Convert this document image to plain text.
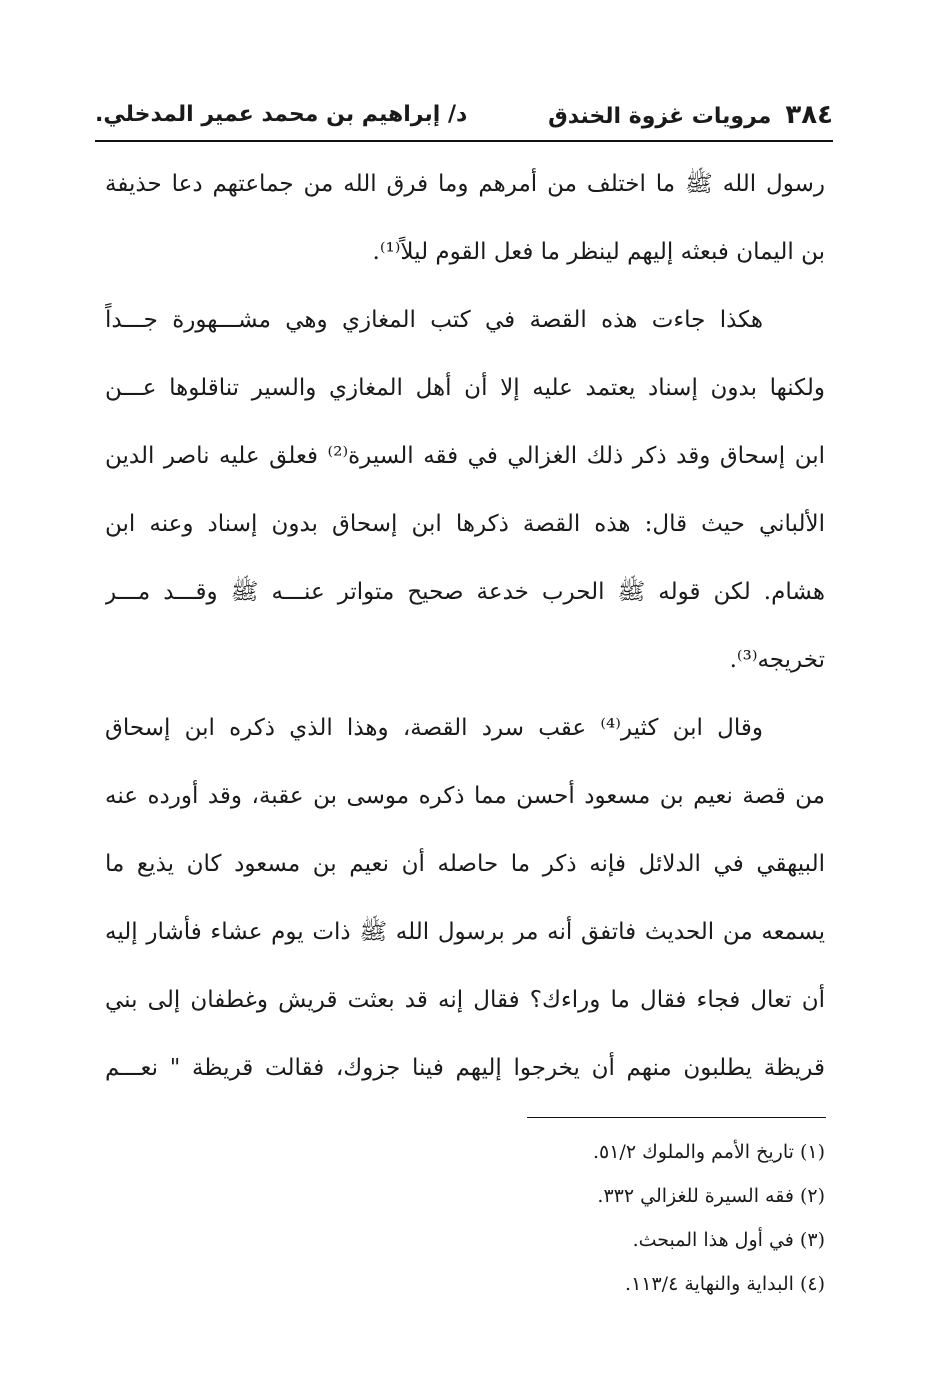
٣٨٤مرويات غزوة الخندق
د/ إبراهيم بن محمد عمير المدخلي.
رسول الله ﷺ ما اختلف من أمرهم وما فرق الله من جماعتهم دعا حذيفة
بن اليمان فبعثه إليهم لينظر ما فعل القوم ليلاً⁽¹⁾.
هكذا جاءت هذه القصة في كتب المغازي وهي مشـــهورة جـــداً
ولكنها بدون إسناد يعتمد عليه إلا أن أهل المغازي والسير تناقلوها عـــن
ابن إسحاق وقد ذكر ذلك الغزالي في فقه السيرة⁽²⁾ فعلق عليه ناصر الدين
الألباني حيث قال: هذه القصة ذكرها ابن إسحاق بدون إسناد وعنه ابن
هشام. لكن قوله ﷺ الحرب خدعة صحيح متواتر عنـــه ﷺ وقـــد مـــر
تخريجه⁽³⁾.
وقال ابن كثير⁽⁴⁾ عقب سرد القصة، وهذا الذي ذكره ابن إسحاق
من قصة نعيم بن مسعود أحسن مما ذكره موسى بن عقبة، وقد أورده عنه
البيهقي في الدلائل فإنه ذكر ما حاصله أن نعيم بن مسعود كان يذيع ما
يسمعه من الحديث فاتفق أنه مر برسول الله ﷺ ذات يوم عشاء فأشار إليه
أن تعال فجاء فقال ما وراءك؟ فقال إنه قد بعثت قريش وغطفان إلى بني
قريظة يطلبون منهم أن يخرجوا إليهم فينا جزوك، فقالت قريظة " نعـــم
(١) تاريخ الأمم والملوك ٥١/٢.
(٢) فقه السيرة للغزالي ٣٣٢.
(٣) في أول هذا المبحث.
(٤) البداية والنهاية ١١٣/٤.
